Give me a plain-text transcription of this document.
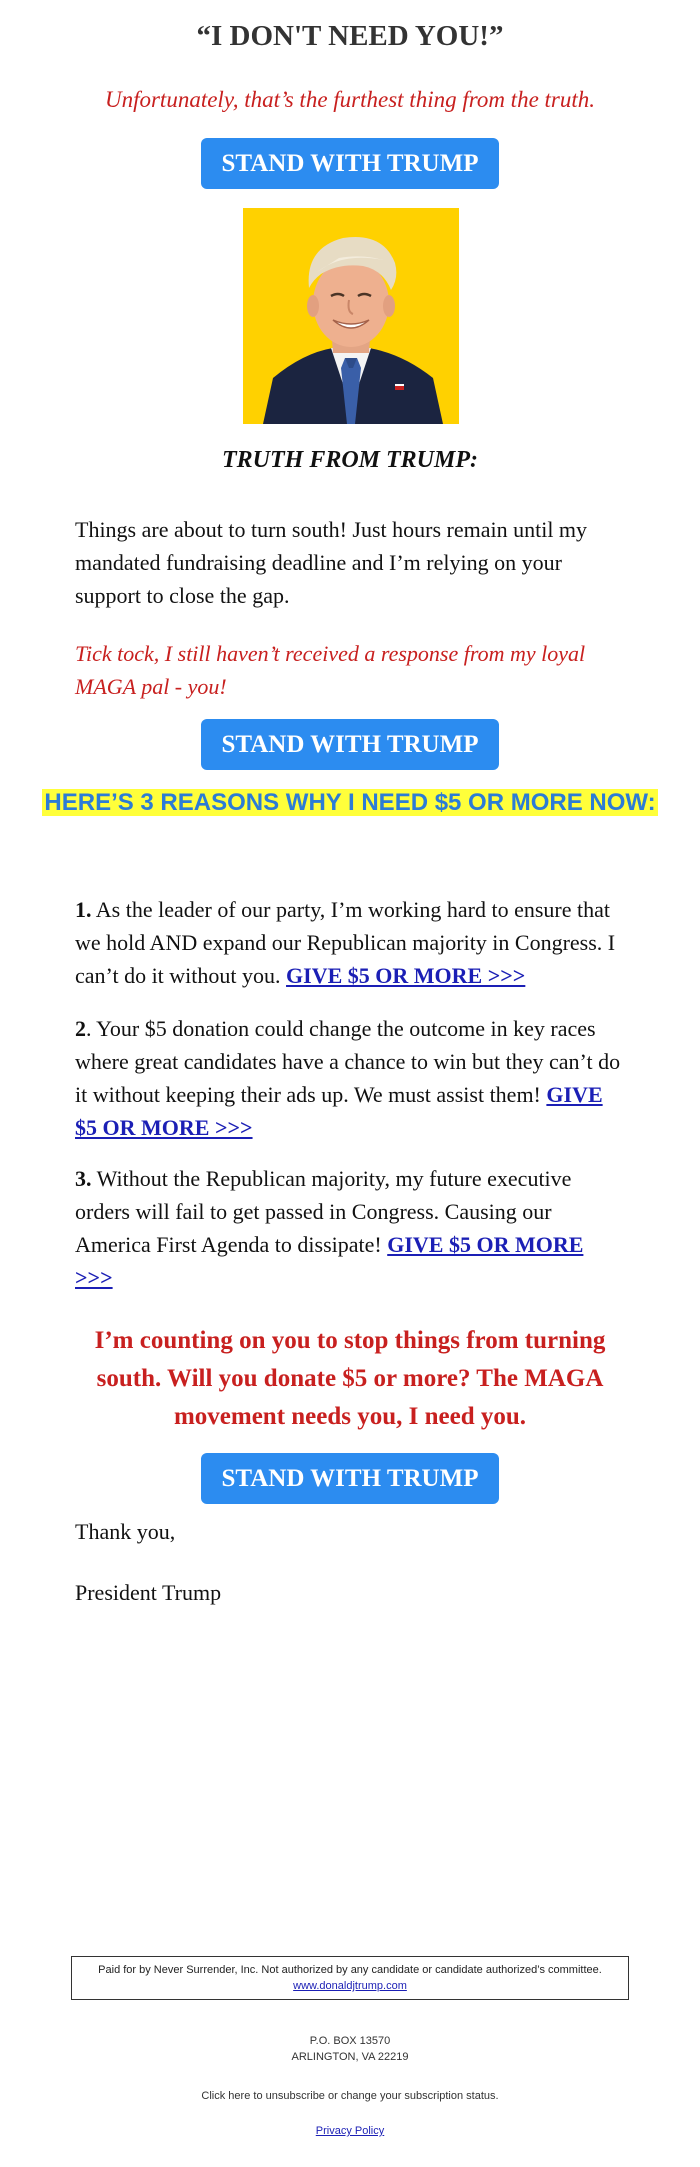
“I DON'T NEED YOU!”
Unfortunately, that’s the furthest thing from the truth.
STAND WITH TRUMP
TRUTH FROM TRUMP:
Things are about to turn south! Just hours remain until my mandated fundraising deadline and I’m relying on your support to close the gap.
Tick tock, I still haven’t received a response from my loyal MAGA pal - you!
STAND WITH TRUMP
HERE’S 3 REASONS WHY I NEED $5 OR MORE NOW:
1. As the leader of our party, I’m working hard to ensure that we hold AND expand our Republican majority in Congress. I can’t do it without you. GIVE $5 OR MORE >>>
2. Your $5 donation could change the outcome in key races where great candidates have a chance to win but they can’t do it without keeping their ads up. We must assist them! GIVE $5 OR MORE >>>
3. Without the Republican majority, my future executive orders will fail to get passed in Congress. Causing our America First Agenda to dissipate! GIVE $5 OR MORE >>>
I’m counting on you to stop things from turning south. Will you donate $5 or more? The MAGA movement needs you, I need you.
STAND WITH TRUMP
Thank you,
President Trump
Paid for by Never Surrender, Inc. Not authorized by any candidate or candidate authorized’s committee.
www.donaldjtrump.com
P.O. BOX 13570
ARLINGTON, VA 22219
Click here to unsubscribe or change your subscription status.
Privacy Policy
